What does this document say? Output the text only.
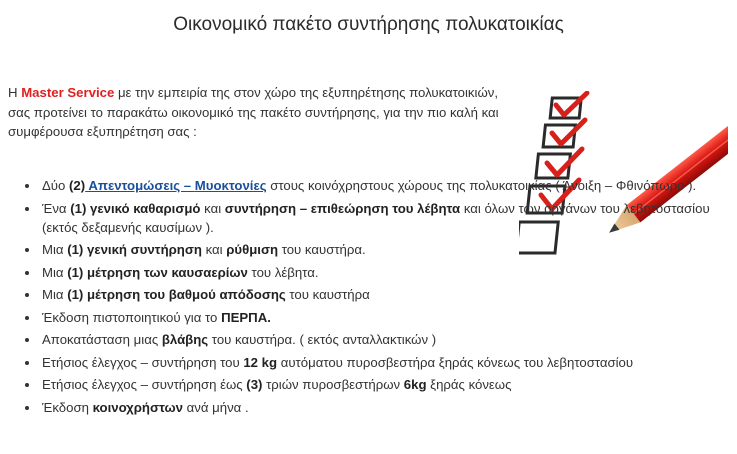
Οικονομικό πακέτο συντήρησης πολυκατοικίας
Η Master Service με την εμπειρία της στον χώρο της εξυπηρέτησης πολυκατοικιών, σας προτείνει το παρακάτω οικονομικό της πακέτο συντήρησης, για την πιο καλή και συμφέρουσα εξυπηρέτηση σας :
• Δύο (2) Απεντομώσεις – Μυοκτονίες στους κοινόχρηστους χώρους της πολυκατοικίας ( Άνοιξη – Φθινόπωρο ).
• Ένα (1) γενικό καθαρισμό και συντήρηση – επιθεώρηση του λέβητα και όλων των οργάνων του λεβητοστασίου (εκτός δεξαμενής καυσίμων ).
• Μια (1) γενική συντήρηση και ρύθμιση του καυστήρα.
• Μια (1) μέτρηση των καυσαερίων του λέβητα.
• Μια (1) μέτρηση του βαθμού απόδοσης του καυστήρα
• Έκδοση πιστοποιητικού για το ΠΕΡΠΑ.
• Αποκατάσταση μιας βλάβης του καυστήρα. ( εκτός ανταλλακτικών )
• Ετήσιος έλεγχος – συντήρηση του 12 kg αυτόματου πυροσβεστήρα ξηράς κόνεως του λεβητοστασίου
• Ετήσιος έλεγχος – συντήρηση έως (3) τριών πυροσβεστήρων 6kg ξηράς κόνεως
• Έκδοση κοινοχρήστων ανά μήνα .
